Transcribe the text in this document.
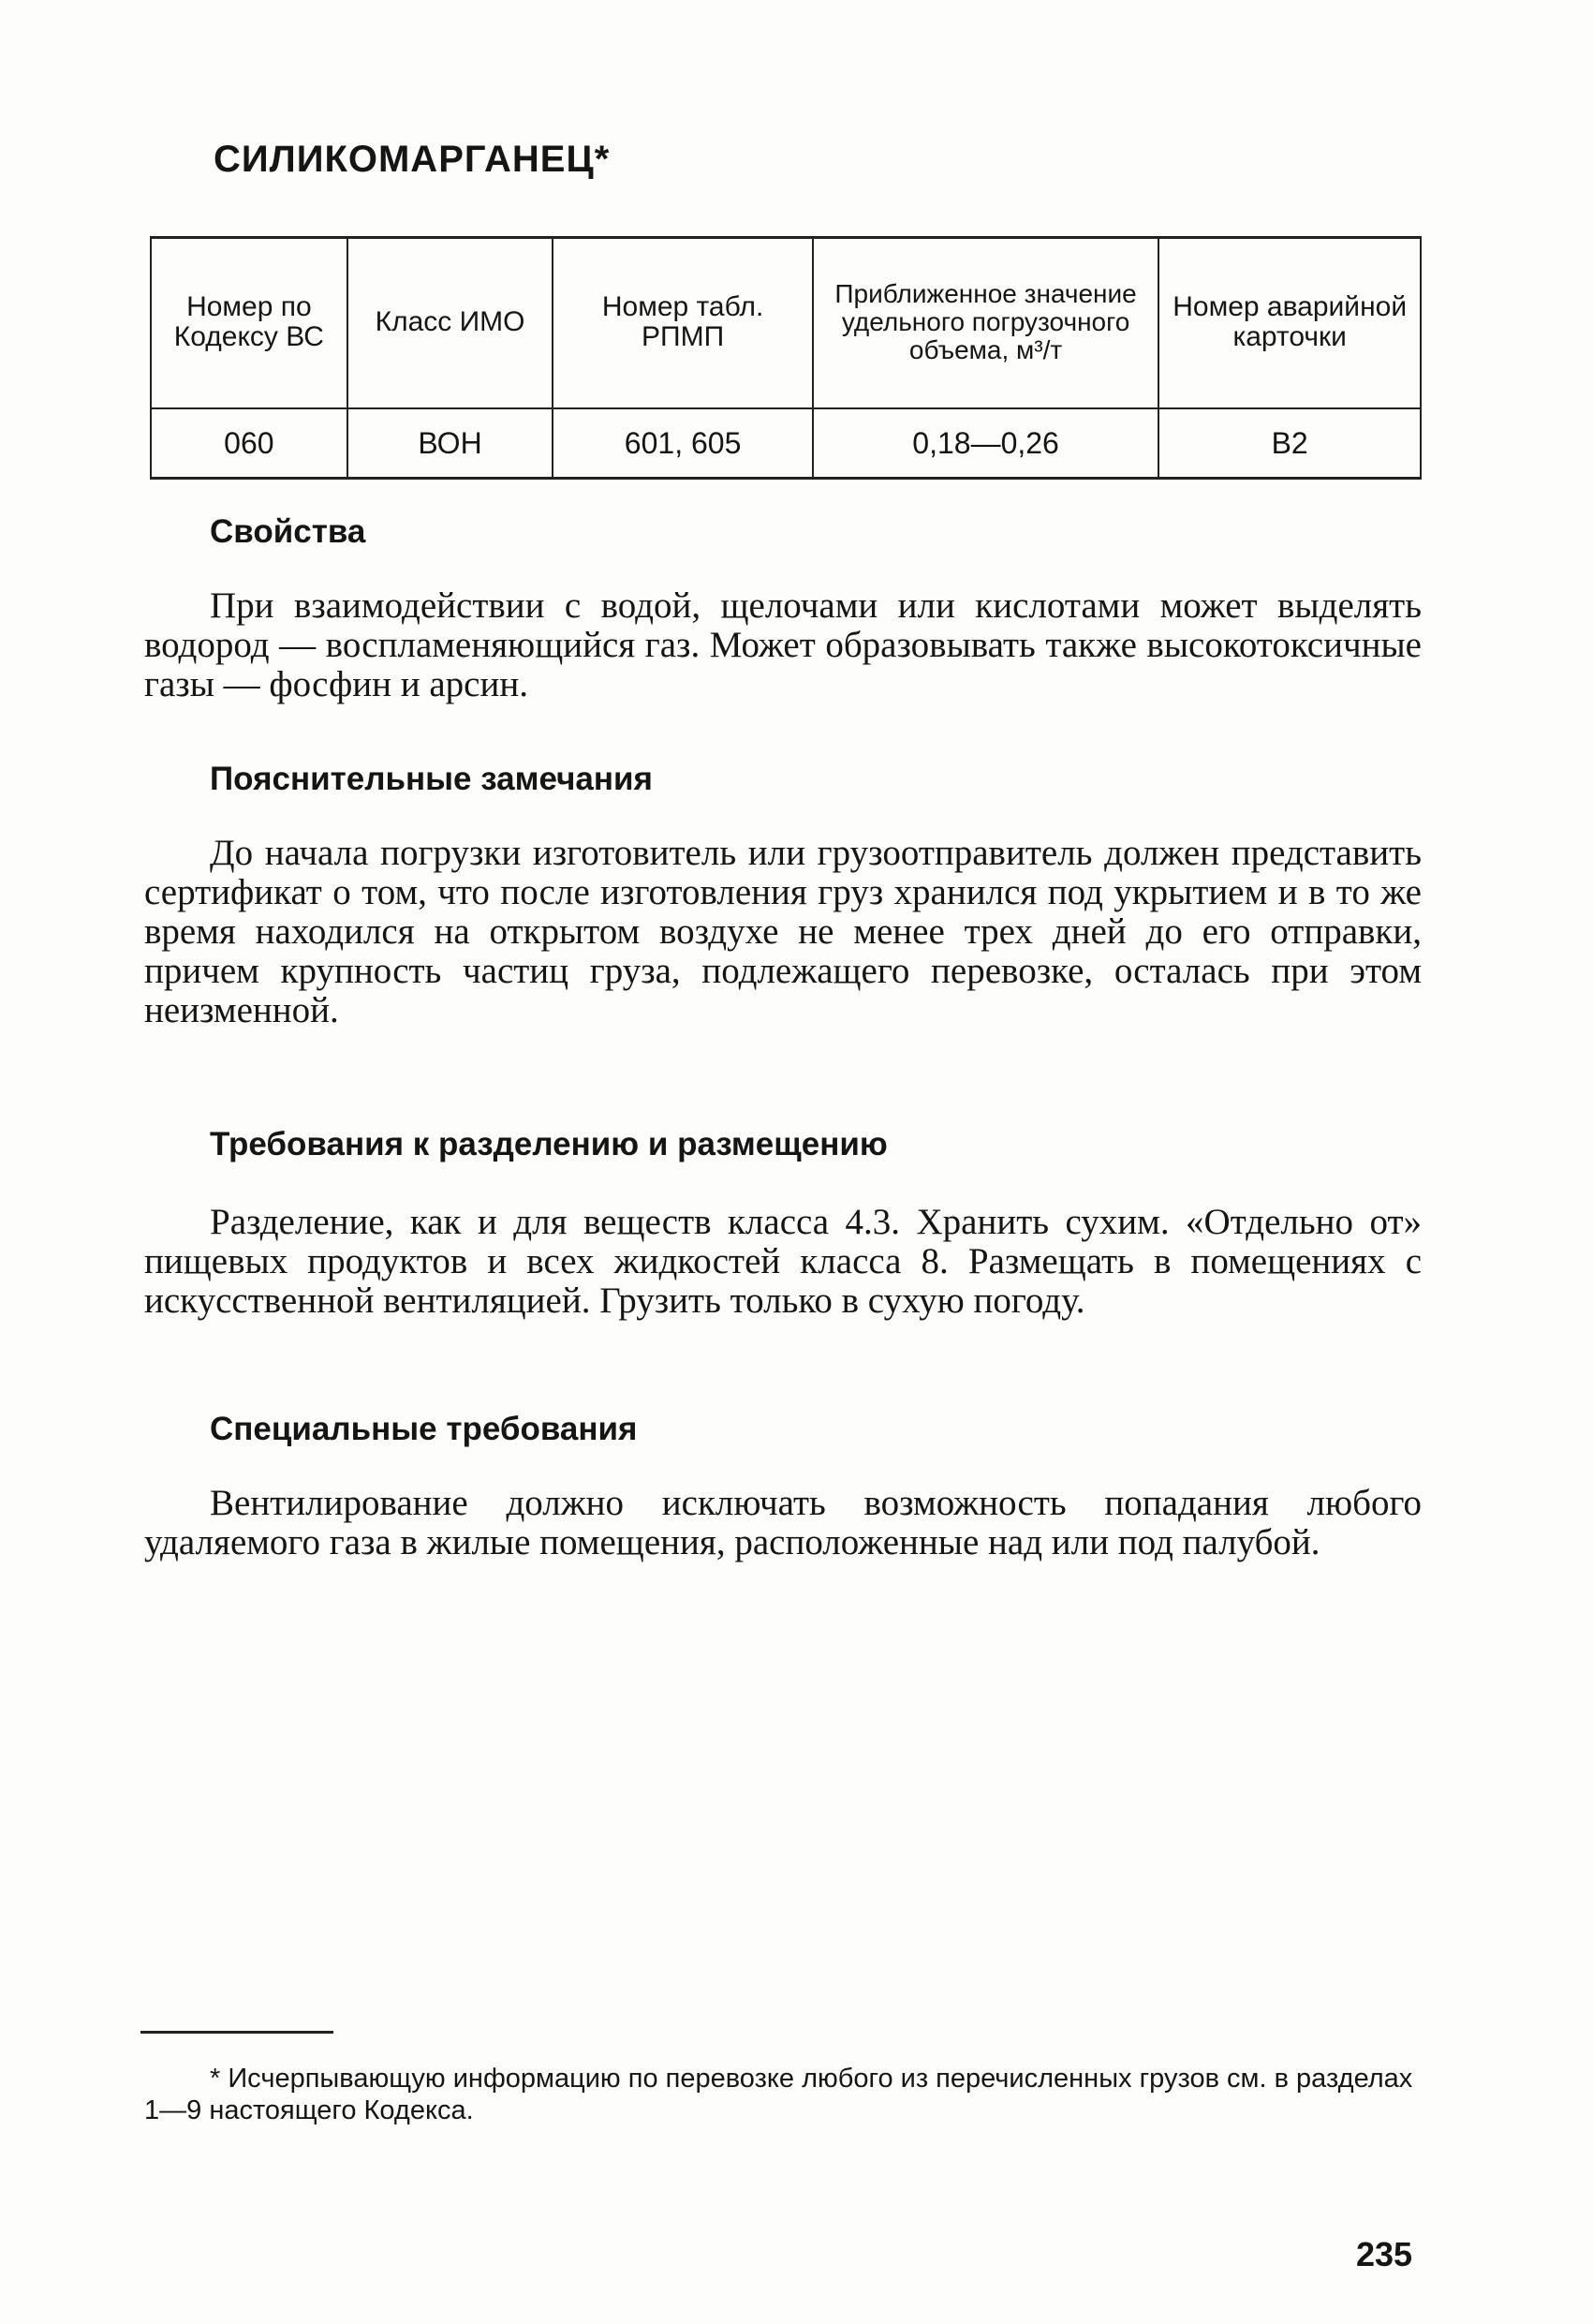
СИЛИКОМАРГАНЕЦ*
Номер по Кодексу ВС	Класс ИМО	Номер табл. РПМП	Приближенное значение удельного погрузочного объема, м³/т	Номер аварийной карточки
060	ВОН	601, 605	0,18—0,26	В2
Свойства
При взаимодействии с водой, щелочами или кислотами может выделять водород — воспламеняющийся газ. Может образовывать также высокотоксичные газы — фосфин и арсин.
Пояснительные замечания
До начала погрузки изготовитель или грузоотправитель должен представить сертификат о том, что после изготовления груз хранился под укрытием и в то же время находился на открытом воздухе не менее трех дней до его отправки, причем крупность частиц груза, подлежащего перевозке, осталась при этом неизменной.
Требования к разделению и размещению
Разделение, как и для веществ класса 4.3. Хранить сухим. «Отдельно от» пищевых продуктов и всех жидкостей класса 8. Размещать в помещениях с искусственной вентиляцией. Грузить только в сухую погоду.
Специальные требования
Вентилирование должно исключать возможность попадания любого удаляемого газа в жилые помещения, расположенные над или под палубой.
* Исчерпывающую информацию по перевозке любого из перечисленных грузов см. в разделах 1—9 настоящего Кодекса.
235
